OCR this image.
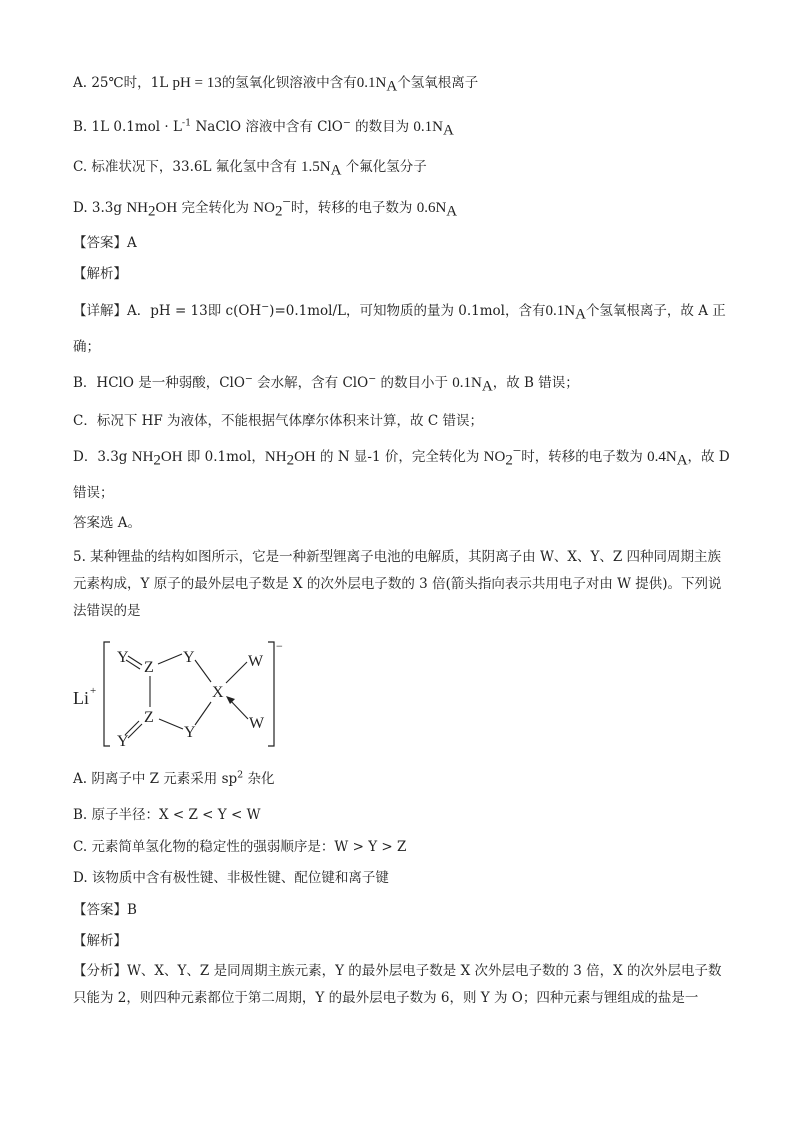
A. 25℃时，1L pH = 13的氢氧化钡溶液中含有$0.1N_A$个氢氧根离子
B. 1L $0.1mol \cdot L^{-1}$ NaClO 溶液中含有 ClO− 的数目为 $0.1N_A$
C. 标准状况下，33.6L 氟化氢中含有 $1.5N_A$ 个氟化氢分子
D. 3.3g $NH_2OH$ 完全转化为 $NO_2^-$时，转移的电子数为 $0.6N_A$
【答案】A
【解析】
【详解】A．pH = 13即 c(OH−)=0.1mol/L，可知物质的量为 0.1mol，含有$0.1N_A$个氢氧根离子，故 A 正
确；
B．HClO 是一种弱酸，ClO− 会水解，含有 ClO− 的数目小于 $0.1N_A$，故 B 错误；
C．标况下 HF 为液体，不能根据气体摩尔体积来计算，故 C 错误；
D．3.3g $NH_2OH$ 即 0.1mol，$NH_2OH$ 的 N 显-1 价，完全转化为 $NO_2^-$时，转移的电子数为 $0.4N_A$，故 D
错误；
答案选 A。
5. 某种锂盐的结构如图所示，它是一种新型锂离子电池的电解质，其阴离子由 W、X、Y、Z 四种同周期主族元素构成，Y 原子的最外层电子数是 X 的次外层电子数的 3 倍(箭头指向表示共用电子对由 W 提供)。下列说法错误的是
Li +
−
Y
Z
Y
X
W
Z
Y
W
Y
A. 阴离子中 Z 元素采用 $sp^2$ 杂化
B. 原子半径：X < Z < Y < W
C. 元素简单氢化物的稳定性的强弱顺序是：W > Y > Z
D. 该物质中含有极性键、非极性键、配位键和离子键
【答案】B
【解析】
【分析】W、X、Y、Z 是同周期主族元素，Y 的最外层电子数是 X 次外层电子数的 3 倍，X 的次外层电子数只能为 2，则四种元素都位于第二周期，Y 的最外层电子数为 6，则 Y 为 O；四种元素与锂组成的盐是一
